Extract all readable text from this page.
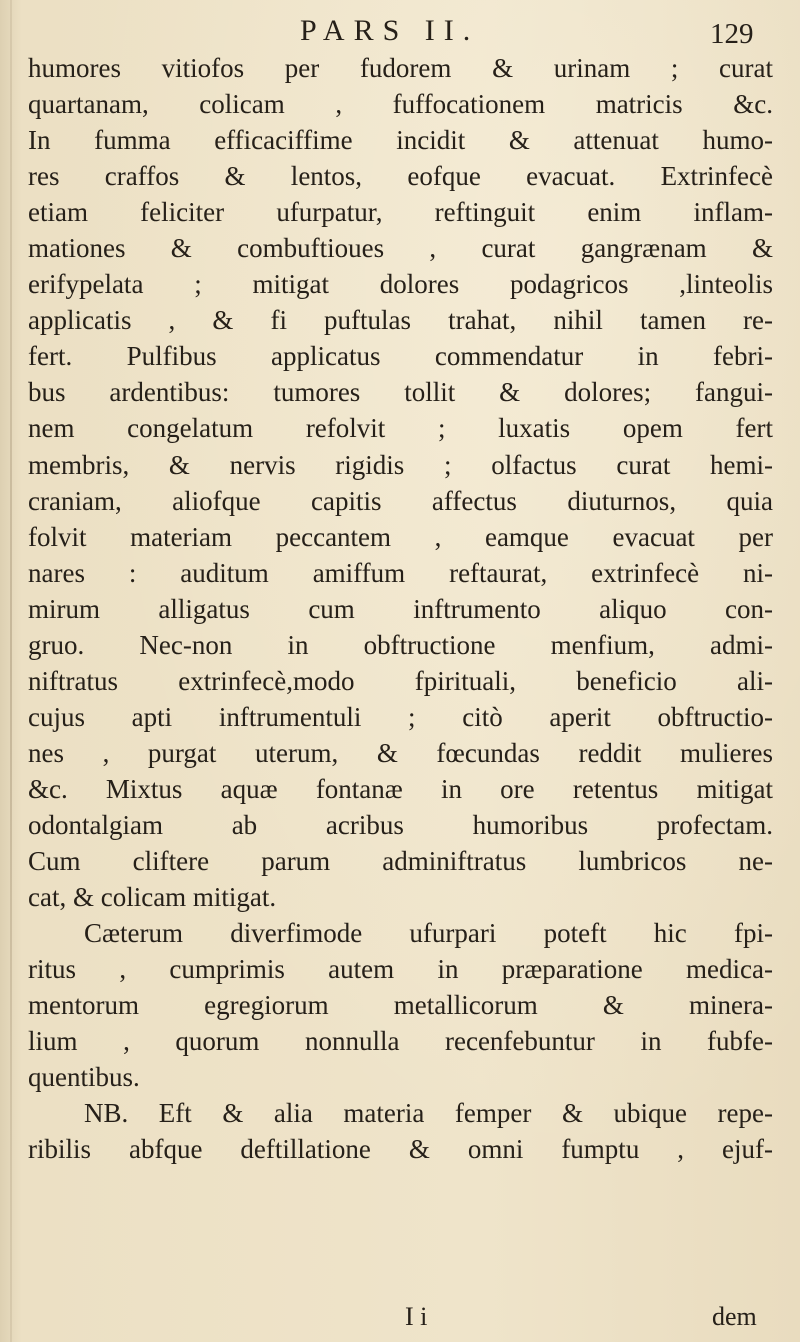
PARS II.	129
humores vitiofos per fudorem & urinam ; curat
quartanam, colicam , fuffocationem matricis &c.
In fumma efficaciffime incidit & attenuat humo-
res craffos & lentos, eofque evacuat. Extrinfecè
etiam feliciter ufurpatur, reftinguit enim inflam-
mationes & combuftioues , curat gangrænam &
erifypelata ; mitigat dolores podagricos ,linteolis
applicatis , & fi puftulas trahat, nihil tamen re-
fert. Pulfibus applicatus commendatur in febri-
bus ardentibus: tumores tollit & dolores; fangui-
nem congelatum refolvit ; luxatis opem fert
membris, & nervis rigidis ; olfactus curat hemi-
craniam, aliofque capitis affectus diuturnos, quia
folvit materiam peccantem , eamque evacuat per
nares : auditum amiffum reftaurat, extrinfecè ni-
mirum alligatus cum inftrumento aliquo con-
gruo. Nec-non in obftructione menfium, admi-
niftratus extrinfecè,modo fpirituali, beneficio ali-
cujus apti inftrumentuli ; citò aperit obftructio-
nes , purgat uterum, & fœcundas reddit mulieres
&c. Mixtus aquæ fontanæ in ore retentus mitigat
odontalgiam ab acribus humoribus profectam.
Cum cliftere parum adminiftratus lumbricos ne-
cat, & colicam mitigat.
Cæterum diverfimode ufurpari poteft hic fpi-
ritus , cumprimis autem in præparatione medica-
mentorum egregiorum metallicorum & minera-
lium , quorum nonnulla recenfebuntur in fubfe-
quentibus.
NB. Eft & alia materia femper & ubique repe-
ribilis abfque deftillatione & omni fumptu , ejuf-
I i	dem
